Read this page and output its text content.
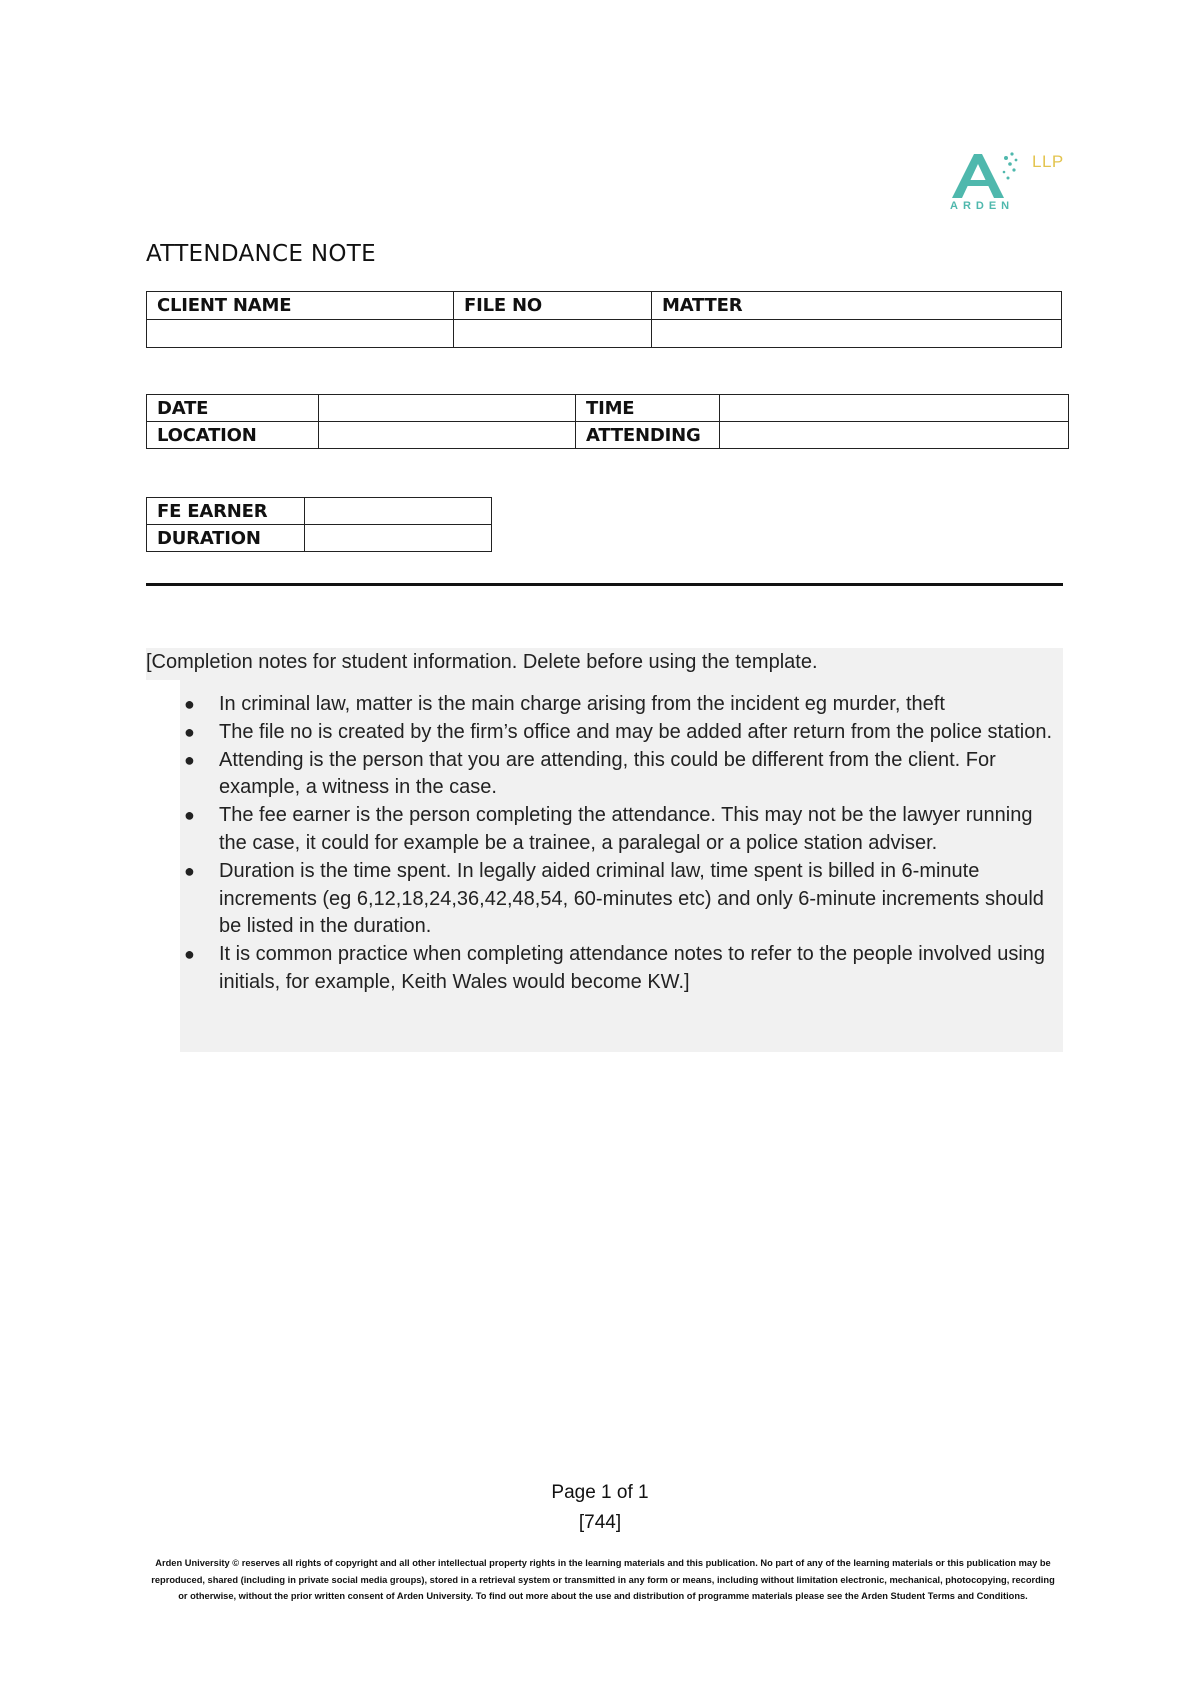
LLP
ARDEN
ATTENDANCE NOTE
CLIENT NAME	FILE NO	MATTER

DATE		TIME	
LOCATION		ATTENDING	
FE EARNER	
DURATION	
[Completion notes for student information. Delete before using the template.
● In criminal law, matter is the main charge arising from the incident eg murder, theft
● The file no is created by the firm’s office and may be added after return from the police station.
● Attending is the person that you are attending, this could be different from the client. For example, a witness in the case.
● The fee earner is the person completing the attendance. This may not be the lawyer running the case, it could for example be a trainee, a paralegal or a police station adviser.
● Duration is the time spent. In legally aided criminal law, time spent is billed in 6-minute increments (eg 6,12,18,24,36,42,48,54, 60-minutes etc) and only 6-minute increments should be listed in the duration.
● It is common practice when completing attendance notes to refer to the people involved using initials, for example, Keith Wales would become KW.]
Page 1 of 1
[744]
Arden University © reserves all rights of copyright and all other intellectual property rights in the learning materials and this publication. No part of any of the learning materials or this publication may be reproduced, shared (including in private social media groups), stored in a retrieval system or transmitted in any form or means, including without limitation electronic, mechanical, photocopying, recording or otherwise, without the prior written consent of Arden University. To find out more about the use and distribution of programme materials please see the Arden Student Terms and Conditions.
